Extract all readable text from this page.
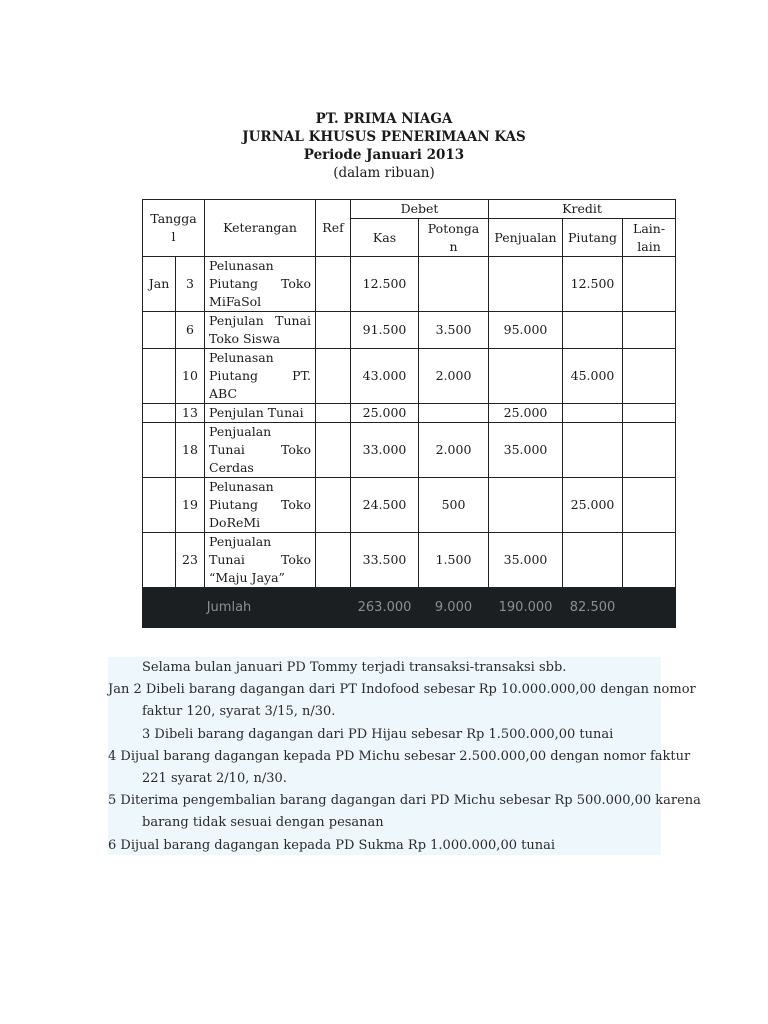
PT. PRIMA NIAGA
JURNAL KHUSUS PENERIMAAN KAS
Periode Januari 2013
(dalam ribuan)
Tangga l		Keterangan	Ref	Debet		Kredit		
				Kas	Potonga n	Penjualan	Piutang	Lain-lain
Jan	3	Pelunasan Piutang Toko MiFaSol		12.500			12.500	
	6	Penjulan Tunai Toko Siswa		91.500	3.500	95.000		
	10	Pelunasan Piutang PT. ABC		43.000	2.000		45.000	
	13	Penjulan Tunai		25.000		25.000		
	18	Penjualan Tunai Toko Cerdas		33.000	2.000	35.000		
	19	Pelunasan Piutang Toko DoReMi		24.500	500		25.000	
	23	Penjualan Tunai Toko “Maju Jaya”		33.500	1.500	35.000		
Jumlah				263.000	9.000	190.000	82.500	
Selama bulan januari PD Tommy terjadi transaksi-transaksi sbb.
Jan 2 Dibeli barang dagangan dari PT Indofood sebesar Rp 10.000.000,00 dengan nomor
faktur 120, syarat 3/15, n/30.
3 Dibeli barang dagangan dari PD Hijau sebesar Rp 1.500.000,00 tunai
4 Dijual barang dagangan kepada PD Michu sebesar 2.500.000,00 dengan nomor faktur
221 syarat 2/10, n/30.
5 Diterima pengembalian barang dagangan dari PD Michu sebesar Rp 500.000,00 karena
barang tidak sesuai dengan pesanan
6 Dijual barang dagangan kepada PD Sukma Rp 1.000.000,00 tunai
